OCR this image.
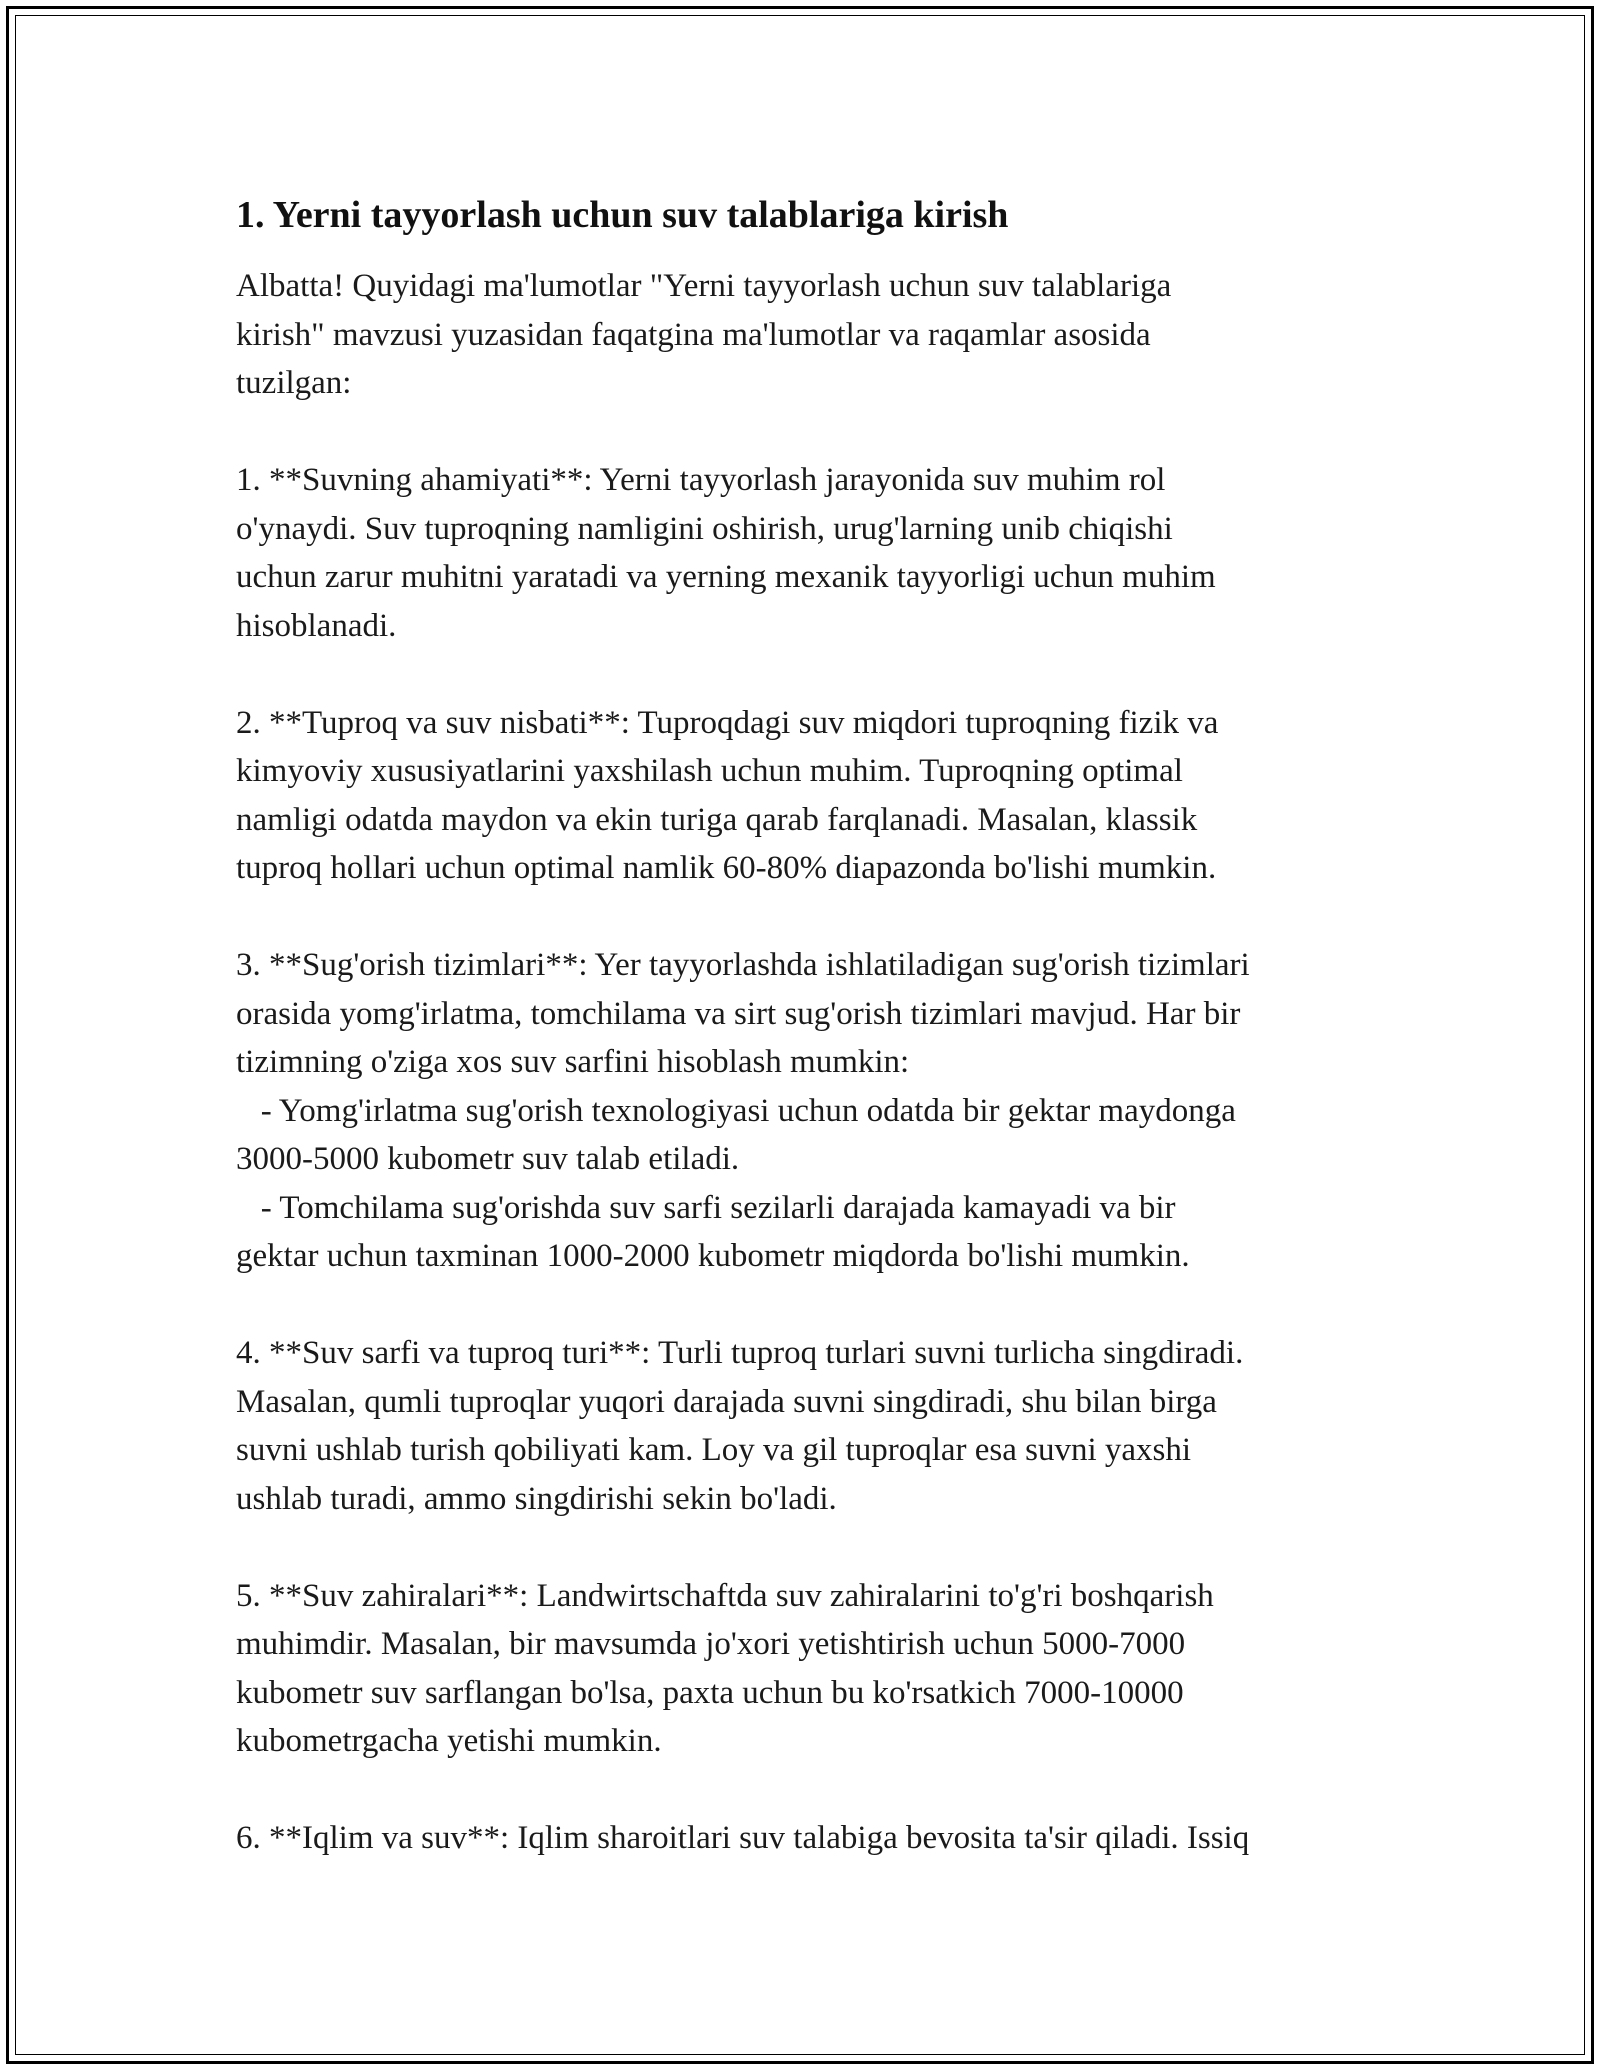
1. Yerni tayyorlash uchun suv talablariga kirish

Albatta! Quyidagi ma'lumotlar "Yerni tayyorlash uchun suv talablariga
kirish" mavzusi yuzasidan faqatgina ma'lumotlar va raqamlar asosida
tuzilgan:

1. **Suvning ahamiyati**: Yerni tayyorlash jarayonida suv muhim rol
o'ynaydi. Suv tuproqning namligini oshirish, urug'larning unib chiqishi
uchun zarur muhitni yaratadi va yerning mexanik tayyorligi uchun muhim
hisoblanadi.

2. **Tuproq va suv nisbati**: Tuproqdagi suv miqdori tuproqning fizik va
kimyoviy xususiyatlarini yaxshilash uchun muhim. Tuproqning optimal
namligi odatda maydon va ekin turiga qarab farqlanadi. Masalan, klassik
tuproq hollari uchun optimal namlik 60-80% diapazonda bo'lishi mumkin.

3. **Sug'orish tizimlari**: Yer tayyorlashda ishlatiladigan sug'orish tizimlari
orasida yomg'irlatma, tomchilama va sirt sug'orish tizimlari mavjud. Har bir
tizimning o'ziga xos suv sarfini hisoblash mumkin:
- Yomg'irlatma sug'orish texnologiyasi uchun odatda bir gektar maydonga
3000-5000 kubometr suv talab etiladi.
- Tomchilama sug'orishda suv sarfi sezilarli darajada kamayadi va bir
gektar uchun taxminan 1000-2000 kubometr miqdorda bo'lishi mumkin.

4. **Suv sarfi va tuproq turi**: Turli tuproq turlari suvni turlicha singdiradi.
Masalan, qumli tuproqlar yuqori darajada suvni singdiradi, shu bilan birga
suvni ushlab turish qobiliyati kam. Loy va gil tuproqlar esa suvni yaxshi
ushlab turadi, ammo singdirishi sekin bo'ladi.

5. **Suv zahiralari**: Landwirtschaftda suv zahiralarini to'g'ri boshqarish
muhimdir. Masalan, bir mavsumda jo'xori yetishtirish uchun 5000-7000
kubometr suv sarflangan bo'lsa, paxta uchun bu ko'rsatkich 7000-10000
kubometrgacha yetishi mumkin.

6. **Iqlim va suv**: Iqlim sharoitlari suv talabiga bevosita ta'sir qiladi. Issiq
